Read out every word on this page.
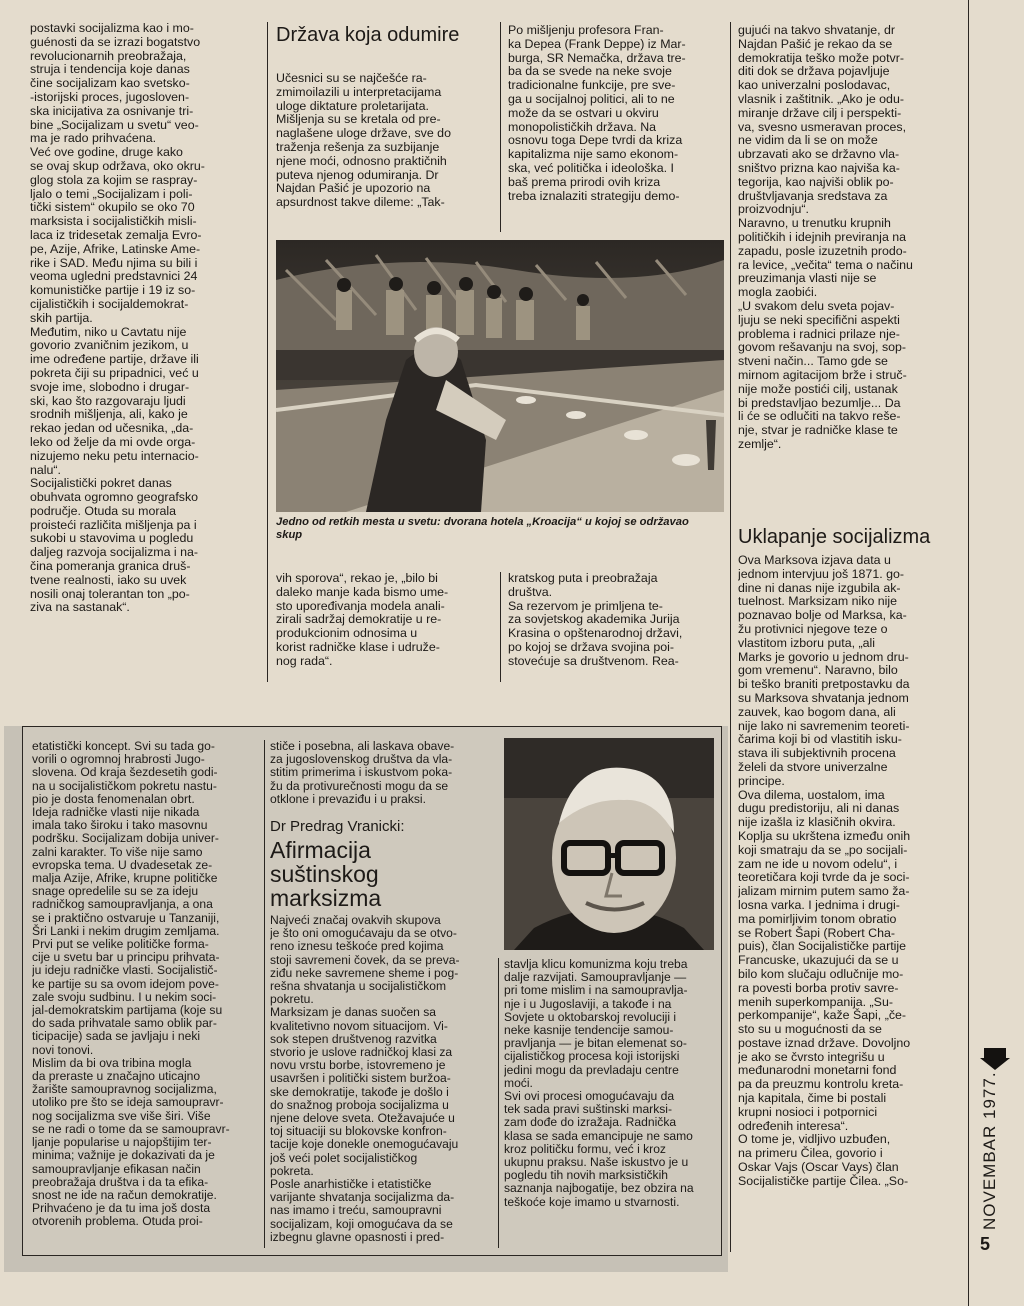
postavki socijalizma kao i mo-
guénosti da se izrazi bogatstvo
revolucionarnih preobražaja,
struja i tendencija koje danas
čine socijalizam kao svetsko-
-istorijski proces, jugosloven-
ska inicijativa za osnivanje tri-
bine „Socijalizam u svetu“ veo-
ma je rado prihvaćena.
Već ove godine, druge kako
se ovaj skup održava, oko okru-
glog stola za kojim se raspray-
ljalo o temi „Socijalizam i poli-
tički sistem“ okupilo se oko 70
marksista i socijalističkih misli-
laca iz tridesetak zemalja Evro-
pe, Azije, Afrike, Latinske Ame-
rike i SAD. Među njima su bili i
veoma ugledni predstavnici 24
komunističke partije i 19 iz so-
cijalističkih i socijaldemokrat-
skih partija.
Međutim, niko u Cavtatu nije
govorio zvaničnim jezikom, u
ime određene partije, države ili
pokreta čiji su pripadnici, već u
svoje ime, slobodno i drugar-
ski, kao što razgovaraju ljudi
srodnih mišljenja, ali, kako je
rekao jedan od učesnika, „da-
leko od želje da mi ovde orga-
nizujemo neku petu internacio-
nalu“.
Socijalistički pokret danas
obuhvata ogromno geografsko
područje. Otuda su morala
proisteći različita mišljenja pa i
sukobi u stavovima u pogledu
daljeg razvoja socijalizma i na-
čina pomeranja granica druš-
tvene realnosti, iako su uvek
nosili onaj tolerantan ton „po-
ziva na sastanak“.
Država koja odumire
Učesnici su se najčešće ra-
zmimoilazili u interpretacijama
uloge diktature proletarijata.
Mišljenja su se kretala od pre-
naglašene uloge države, sve do
traženja rešenja za suzbijanje
njene moći, odnosno praktičnih
puteva njenog odumiranja. Dr
Najdan Pašić je upozorio na
apsurdnost takve dileme: „Tak-
Po mišljenju profesora Fran-
ka Depea (Frank Deppe) iz Mar-
burga, SR Nemačka, država tre-
ba da se svede na neke svoje
tradicionalne funkcije, pre sve-
ga u socijalnoj politici, ali to ne
može da se ostvari u okviru
monopolističkih država. Na
osnovu toga Depe tvrdi da kriza
kapitalizma nije samo ekonom-
ska, već politička i ideološka. I
baš prema prirodi ovih kriza
treba iznalaziti strategiju demo-
Jedno od retkih mesta u svetu: dvorana hotela „Kroacija“ u kojoj se održavao skup
vih sporova“, rekao je, „bilo bi
daleko manje kada bismo ume-
sto upoređivanja modela anali-
zirali sadržaj demokratije u re-
produkcionim odnosima u
korist radničke klase i udruže-
nog rada“.
kratskog puta i preobražaja
društva.
Sa rezervom je primljena te-
za sovjetskog akademika Jurija
Krasina o opštenarodnoj državi,
po kojoj se država svojina poi-
stovećuje sa društvenom. Rea-
gujući na takvo shvatanje, dr
Najdan Pašić je rekao da se
demokratija teško može potvr-
diti dok se država pojavljuje
kao univerzalni poslodavac,
vlasnik i zaštitnik. „Ako je odu-
miranje države cilj i perspekti-
va, svesno usmeravan proces,
ne vidim da li se on može
ubrzavati ako se državno vla-
sništvo prizna kao najviša ka-
tegorija, kao najviši oblik po-
društvljavanja sredstava za
proizvodnju“.
Naravno, u trenutku krupnih
političkih i idejnih previranja na
zapadu, posle izuzetnih prodo-
ra levice, „večita“ tema o načinu
preuzimanja vlasti nije se
mogla zaobići.
„U svakom delu sveta pojav-
ljuju se neki specifični aspekti
problema i radnici prilaze nje-
govom rešavanju na svoj, sop-
stveni način... Tamo gde se
mirnom agitacijom brže i struč-
nije može postići cilj, ustanak
bi predstavljao bezumlje... Da
li će se odlučiti na takvo reše-
nje, stvar je radničke klase te
zemlje“.
Uklapanje socijalizma
Ova Marksova izjava data u
jednom intervjuu još 1871. go-
dine ni danas nije izgubila ak-
tuelnost. Marksizam niko nije
poznavao bolje od Marksa, ka-
žu protivnici njegove teze o
vlastitom izboru puta, „ali
Marks je govorio u jednom dru-
gom vremenu“. Naravno, bilo
bi teško braniti pretpostavku da
su Marksova shvatanja jednom
zauvek, kao bogom dana, ali
nije lako ni savremenim teoreti-
čarima koji bi od vlastitih isku-
stava ili subjektivnih procena
želeli da stvore univerzalne
principe.
Ova dilema, uostalom, ima
dugu predistoriju, ali ni danas
nije izašla iz klasičnih okvira.
Koplja su ukrštena između onih
koji smatraju da se „po socijali-
zam ne ide u novom odelu“, i
teoretičara koji tvrde da je soci-
jalizam mirnim putem samo ža-
losna varka. I jednima i drugi-
ma pomirljivim tonom obratio
se Robert Šapi (Robert Cha-
puis), član Socijalističke partije
Francuske, ukazujući da se u
bilo kom slučaju odlučnije mo-
ra povesti borba protiv savre-
menih superkompanija. „Su-
perkompanije“, kaže Šapi, „če-
sto su u mogućnosti da se
postave iznad države. Dovoljno
je ako se čvrsto integrišu u
međunarodni monetarni fond
pa da preuzmu kontrolu kreta-
nja kapitala, čime bi postali
krupni nosioci i potpornici
određenih interesa“.
O tome je, vidljivo uzbuđen,
na primeru Čilea, govorio i
Oskar Vajs (Oscar Vays) član
Socijalističke partije Čilea. „So-
etatistički koncept. Svi su tada go-
vorili o ogromnoj hrabrosti Jugo-
slovena. Od kraja šezdesetih godi-
na u socijalističkom pokretu nastu-
pio je dosta fenomenalan obrt.
Ideja radničke vlasti nije nikada
imala tako široku i tako masovnu
podršku. Socijalizam dobija univer-
zalni karakter. To više nije samo
evropska tema. U dvadesetak ze-
malja Azije, Afrike, krupne političke
snage opredelile su se za ideju
radničkog samoupravljanja, a ona
se i praktično ostvaruje u Tanzaniji,
Šri Lanki i nekim drugim zemljama.
Prvi put se velike političke forma-
cije u svetu bar u principu prihvata-
ju ideju radničke vlasti. Socijalistič-
ke partije su sa ovom idejom pove-
zale svoju sudbinu. I u nekim soci-
jal-demokratskim partijama (koje su
do sada prihvatale samo oblik par-
ticipacije) sada se javljaju i neki
novi tonovi.
Mislim da bi ova tribina mogla
da preraste u značajno uticajno
žarište samoupravnog socijalizma,
utoliko pre što se ideja samoupravr-
nog socijalizma sve više širi. Više
se ne radi o tome da se samoupravr-
ljanje popularise u najopštijim ter-
minima; važnije je dokazivati da je
samoupravljanje efikasan način
preobražaja društva i da ta efika-
snost ne ide na račun demokratije.
Prihvaćeno je da tu ima još dosta
otvorenih problema. Otuda proi-
stiče i posebna, ali laskava obave-
za jugoslovenskog društva da vla-
stitim primerima i iskustvom poka-
žu da protivurečnosti mogu da se
otklone i prevaziđu i u praksi.
Dr Predrag Vranicki:
Afirmacija
suštinskog
marksizma
Najveći značaj ovakvih skupova
je što oni omogućavaju da se otvo-
reno iznesu teškoće pred kojima
stoji savremeni čovek, da se preva-
ziđu neke savremene sheme i pog-
rešna shvatanja u socijalističkom
pokretu.
Marksizam je danas suočen sa
kvalitetivno novom situacijom. Vi-
sok stepen društvenog razvitka
stvorio je uslove radničkoj klasi za
novu vrstu borbe, istovremeno je
usavršen i politički sistem buržoa-
ske demokratije, takođe je došlo i
do snažnog proboja socijalizma u
njene delove sveta. Otežavajuće u
toj situaciji su blokovske konfron-
tacije koje donekle onemogućavaju
još veći polet socijalističkog
pokreta.
Posle anarhističke i etatističke
varijante shvatanja socijalizma da-
nas imamo i treću, samoupravni
socijalizam, koji omogućava da se
izbegnu glavne opasnosti i pred-
stavlja klicu komunizma koju treba
dalje razvijati. Samoupravljanje —
pri tome mislim i na samoupravlja-
nje i u Jugoslaviji, a takođe i na
Sovjete u oktobarskoj revoluciji i
neke kasnije tendencije samou-
pravljanja — je bitan elemenat so-
cijalističkog procesa koji istorijski
jedini mogu da prevladaju centre
moći.
Svi ovi procesi omogućavaju da
tek sada pravi suštinski marksi-
zam dođe do izražaja. Radnička
klasa se sada emancipuje ne samo
kroz političku formu, već i kroz
ukupnu praksu. Naše iskustvo je u
pogledu tih novih marksističkih
saznanja najbogatije, bez obzira na
teškoće koje imamo u stvarnosti.	NOVEMBAR 1977.
5
